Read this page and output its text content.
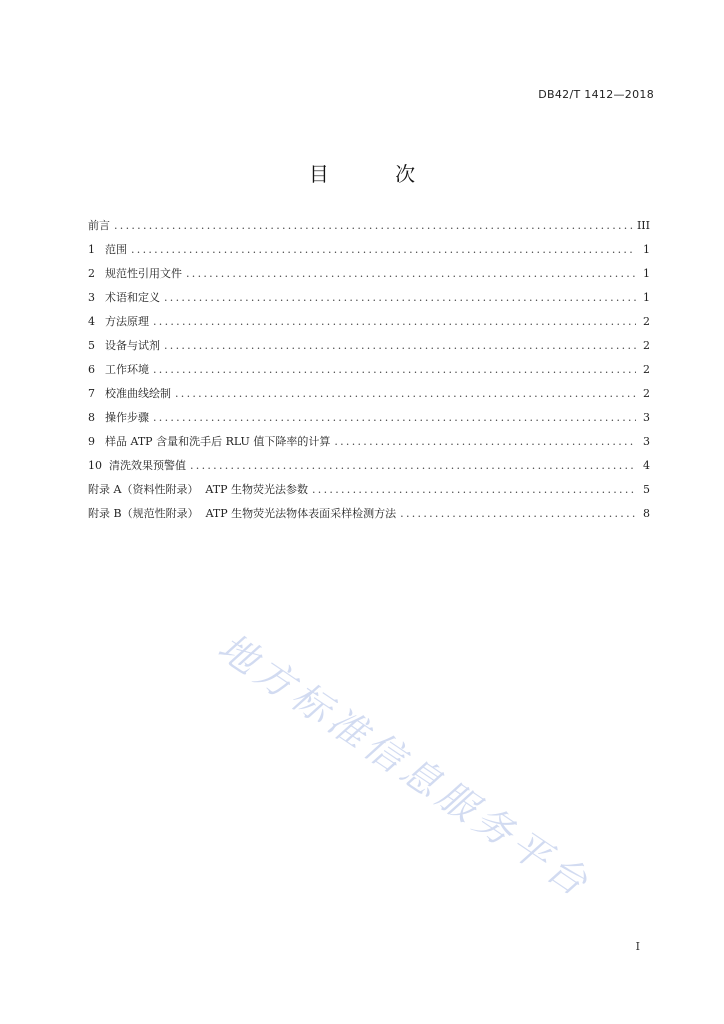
DB42/T 1412—2018
目 次
前言 . . .	III
1 范围 . . .	1
2 规范性引用文件 . . .	1
3 术语和定义 . . .	1
4 方法原理 . . .	2
5 设备与试剂 . . .	2
6 工作环境 . . .	2
7 校准曲线绘制 . . .	2
8 操作步骤 . . .	3
9 样品 ATP 含量和洗手后 RLU 值下降率的计算 . . .	3
10 清洗效果预警值 . . .	4
附录 A（资料性附录）  ATP 生物荧光法参数 . . .	5
附录 B（规范性附录）  ATP 生物荧光法物体表面采样检测方法 . . .	8
地方标准信息服务平台
I
